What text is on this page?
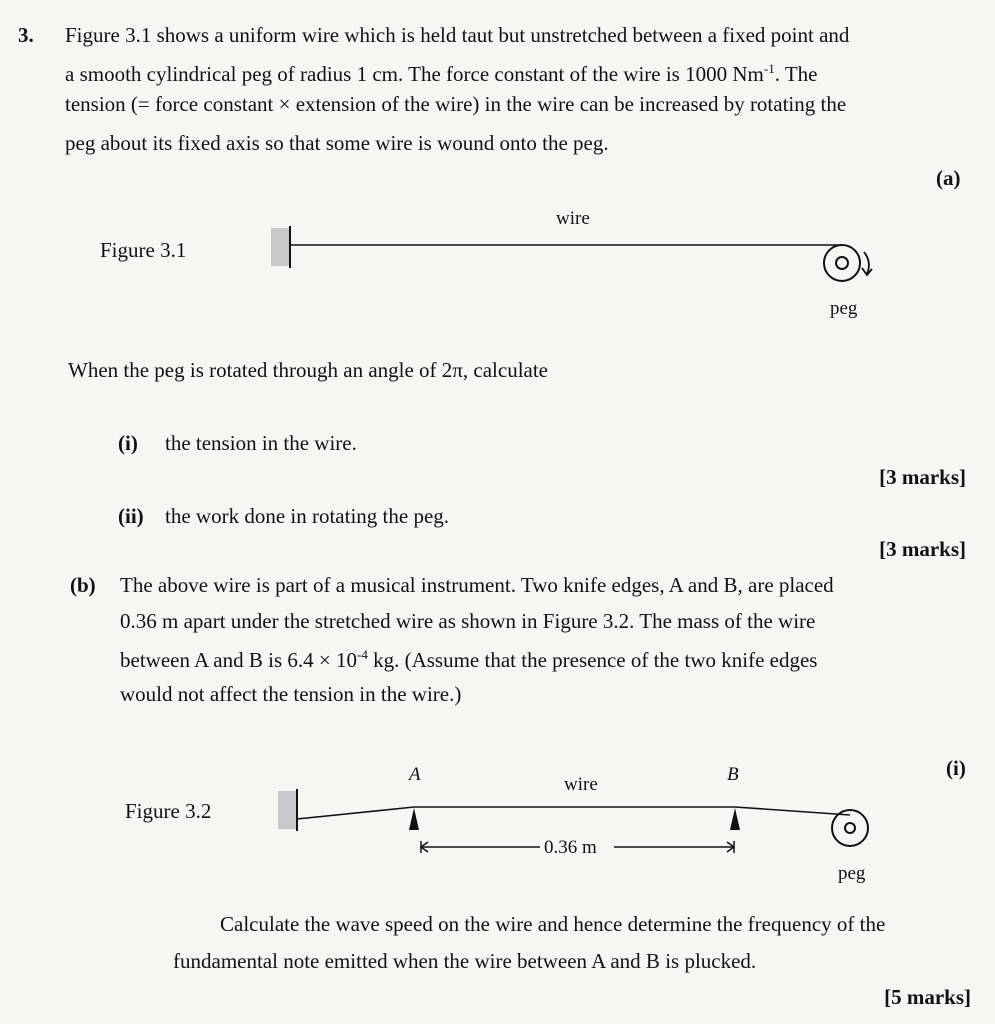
3. Figure 3.1 shows a uniform wire which is held taut but unstretched between a fixed point and
a smooth cylindrical peg of radius 1 cm. The force constant of the wire is 1000 $Nm^{-1}$. The
tension (= force constant × extension of the wire) in the wire can be increased by rotating the
peg about its fixed axis so that some wire is wound onto the peg.
(a)
Figure 3.1
wire
peg
When the peg is rotated through an angle of 2π, calculate
(i) the tension in the wire.
[3 marks]
(ii) the work done in rotating the peg.
[3 marks]
(b) The above wire is part of a musical instrument. Two knife edges, A and B, are placed
0.36 m apart under the stretched wire as shown in Figure 3.2. The mass of the wire
between A and B is $6.4 \times 10^{-4}$ kg. (Assume that the presence of the two knife edges
would not affect the tension in the wire.)
(i)
Figure 3.2
0.36 m
A	B
wire
peg
Calculate the wave speed on the wire and hence determine the frequency of the
fundamental note emitted when the wire between A and B is plucked.
[5 marks]
